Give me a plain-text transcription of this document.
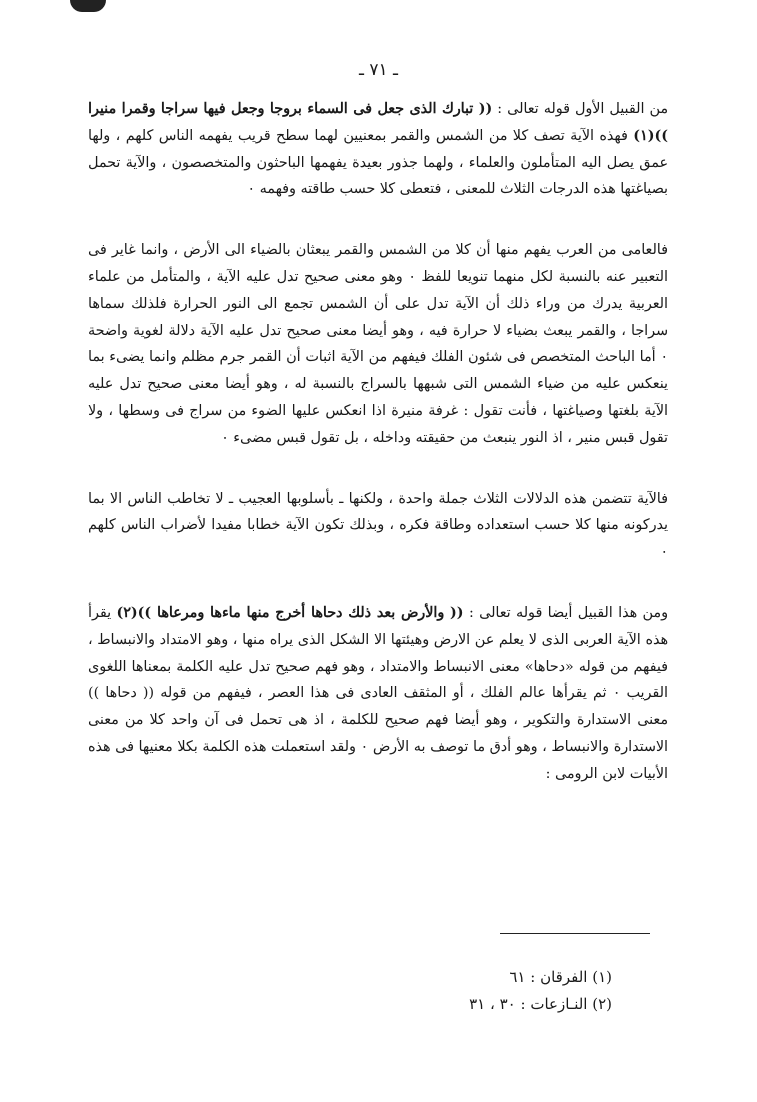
ـ ٧١ ـ

من القبيل الأول قوله تعالى : (( تبارك الذى جعل فى السماء بروجا وجعل فيها سراجا وقمرا منيرا ))(١) فهذه الآية تصف كلا من الشمس والقمر بمعنيين لهما سطح قريب يفهمه الناس كلهم ، ولها عمق يصل اليه المتأملون والعلماء ، ولهما جذور بعيدة يفهمها الباحثون والمتخصصون ، والآية تحمل بصياغتها هذه الدرجات الثلاث للمعنى ، فتعطى كلا حسب طاقته وفهمه ٠

فالعامى من العرب يفهم منها أن كلا من الشمس والقمر يبعثان بالضياء الى الأرض ، وانما غاير فى التعبير عنه بالنسبة لكل منهما تنويعا للفظ ٠ وهو معنى صحيح تدل عليه الآية ، والمتأمل من علماء العربية يدرك من وراء ذلك أن الآية تدل على أن الشمس تجمع الى النور الحرارة فلذلك سماها سراجا ، والقمر يبعث بضياء لا حرارة فيه ، وهو أيضا معنى صحيح تدل عليه الآية دلالة لغوية واضحة ٠ أما الباحث المتخصص فى شئون الفلك فيفهم من الآية اثبات أن القمر جرم مظلم وانما يضىء بما ينعكس عليه من ضياء الشمس التى شبهها بالسراج بالنسبة له ، وهو أيضا معنى صحيح تدل عليه الآية بلغتها وصياغتها ، فأنت تقول : غرفة منيرة اذا انعكس عليها الضوء من سراج فى وسطها ، ولا تقول قبس منير ، اذ النور ينبعث من حقيقته وداخله ، بل تقول قبس مضىء ٠

فالآية تتضمن هذه الدلالات الثلاث جملة واحدة ، ولكنها ـ بأسلوبها العجيب ـ لا تخاطب الناس الا بما يدركونه منها كلا حسب استعداده وطاقة فكره ، وبذلك تكون الآية خطابا مفيدا لأضراب الناس كلهم ٠

ومن هذا القبيل أيضا قوله تعالى : (( والأرض بعد ذلك دحاها أخرج منها ماءها ومرعاها ))(٢) يقرأ هذه الآية العربى الذى لا يعلم عن الارض وهيئتها الا الشكل الذى يراه منها ، وهو الامتداد والانبساط ، فيفهم من قوله «دحاها» معنى الانبساط والامتداد ، وهو فهم صحيح تدل عليه الكلمة بمعناها اللغوى القريب ٠ ثم يقرأها عالم الفلك ، أو المثقف العادى فى هذا العصر ، فيفهم من قوله (( دحاها )) معنى الاستدارة والتكوير ، وهو أيضا فهم صحيح للكلمة ، اذ هى تحمل فى آن واحد كلا من معنى الاستدارة والانبساط ، وهو أدق ما توصف به الأرض ٠ ولقد استعملت هذه الكلمة بكلا معنيها فى هذه الأبيات لابن الرومى :

(١) الفرقان : ٦١

(٢) النـازعات : ٣٠ ، ٣١
